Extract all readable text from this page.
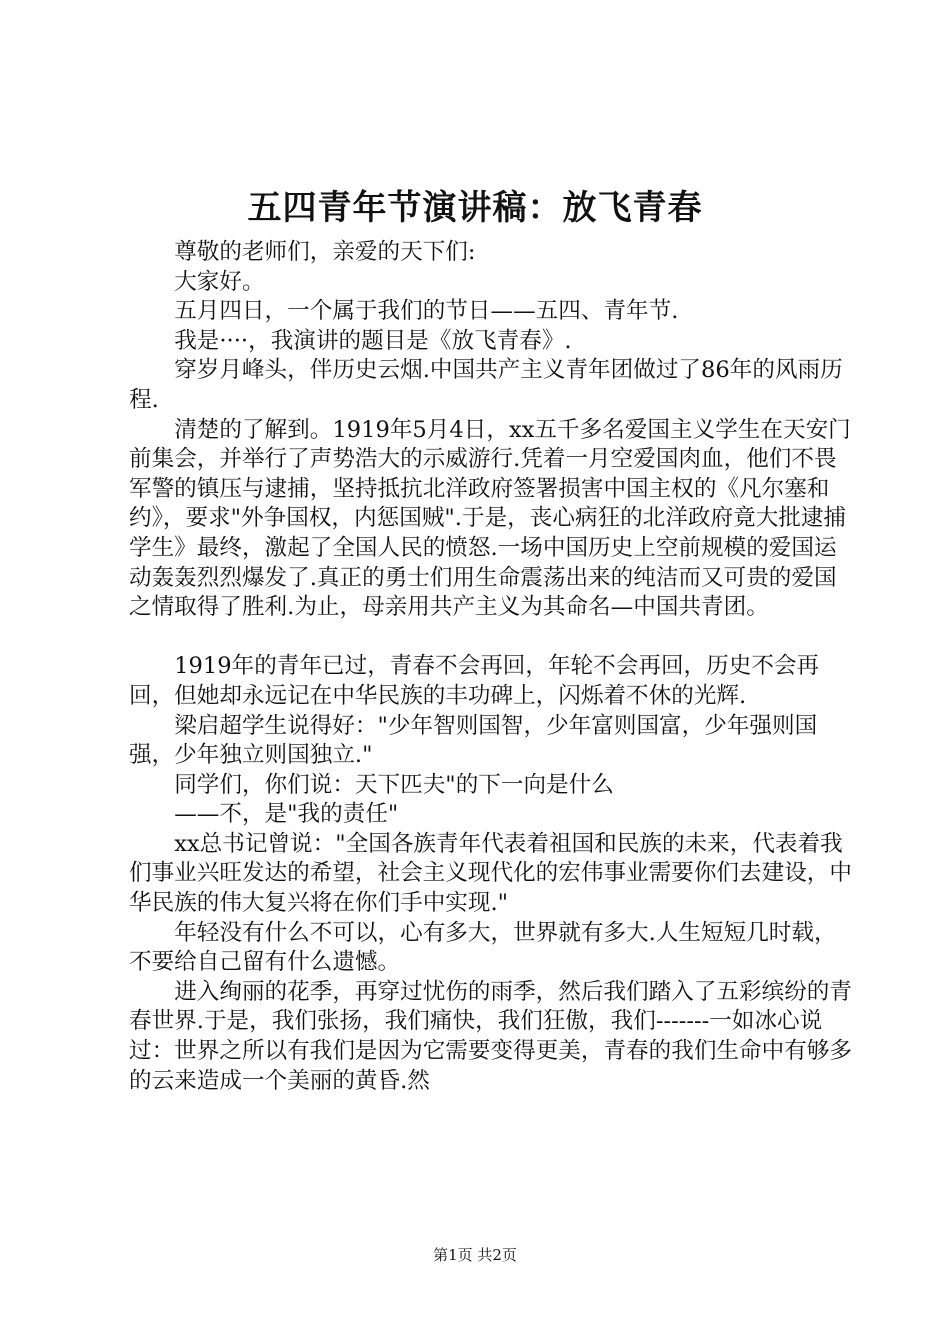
五四青年节演讲稿：放飞青春

尊敬的老师们，亲爱的天下们:

大家好。

五月四日，一个属于我们的节日——五四、青年节.

我是····，我演讲的题目是《放飞青春》.

穿岁月峰头，伴历史云烟.中国共产主义青年团做过了86年的风雨历程.

清楚的了解到。1919年5月4日，xx五千多名爱国主义学生在天安门前集会，并举行了声势浩大的示威游行.凭着一月空爱国肉血，他们不畏军警的镇压与逮捕，坚持抵抗北洋政府签署损害中国主权的《凡尔塞和约》，要求"外争国权，内惩国贼".于是，丧心病狂的北洋政府竟大批逮捕学生》最终，激起了全国人民的愤怒.一场中国历史上空前规模的爱国运动轰轰烈烈爆发了.真正的勇士们用生命震荡出来的纯洁而又可贵的爱国之情取得了胜利.为止，母亲用共产主义为其命名—中国共青团。

1919年的青年已过，青春不会再回，年轮不会再回，历史不会再回，但她却永远记在中华民族的丰功碑上，闪烁着不休的光辉.

梁启超学生说得好："少年智则国智，少年富则国富，少年强则国强，少年独立则国独立."

同学们，你们说：天下匹夫"的下一向是什么

——不，是"我的责任"

xx总书记曾说："全国各族青年代表着祖国和民族的未来，代表着我们事业兴旺发达的希望，社会主义现代化的宏伟事业需要你们去建设，中华民族的伟大复兴将在你们手中实现."

年轻没有什么不可以，心有多大，世界就有多大.人生短短几时载，不要给自己留有什么遗憾。

进入绚丽的花季，再穿过忧伤的雨季，然后我们踏入了五彩缤纷的青春世界.于是，我们张扬，我们痛快，我们狂傲，我们-------一如冰心说过：世界之所以有我们是因为它需要变得更美，青春的我们生命中有够多的云来造成一个美丽的黄昏.然

第1页 共2页
